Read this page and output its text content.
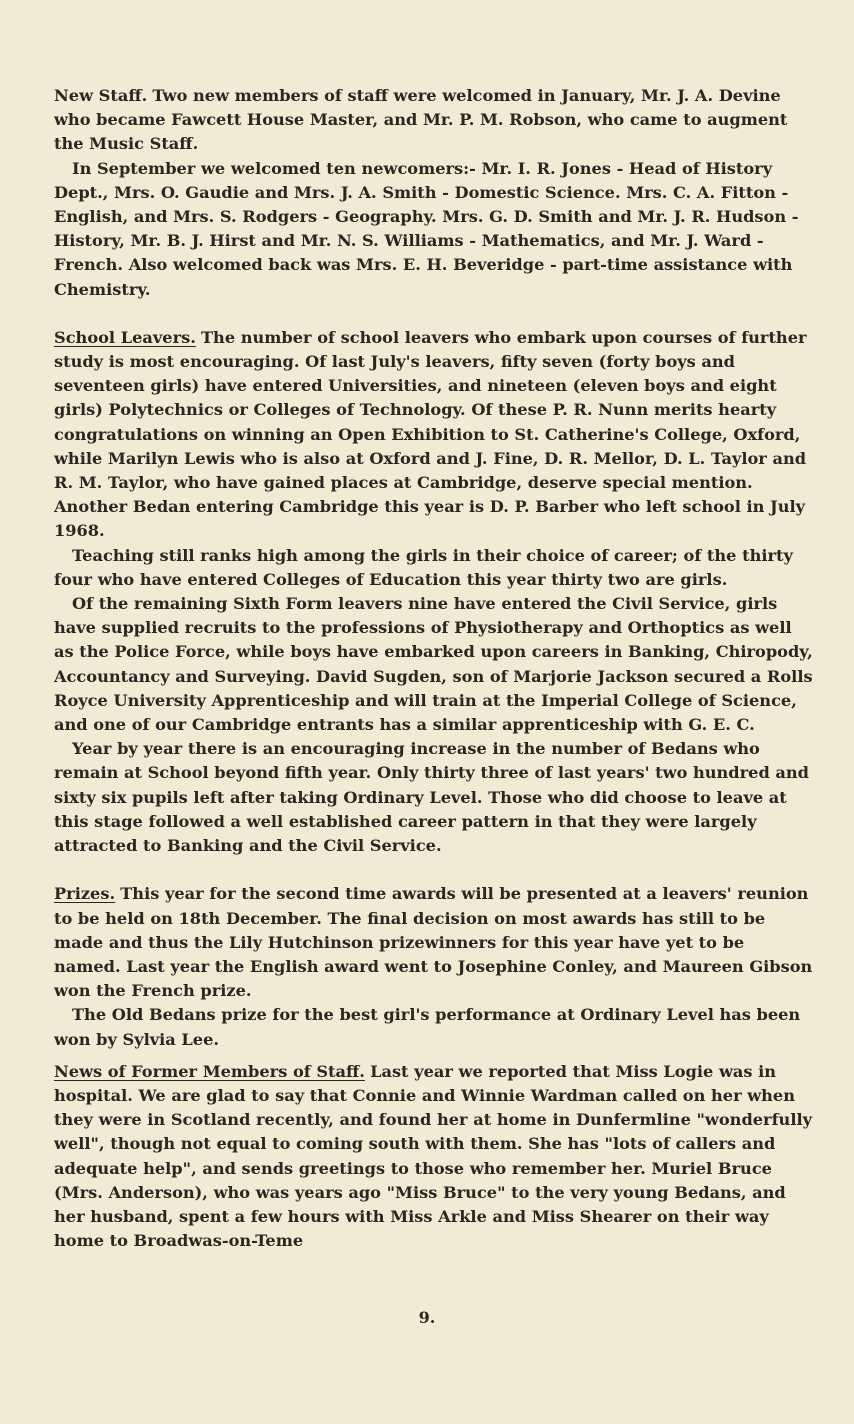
New Staff. Two new members of staff were welcomed in January, Mr. J. A. Devine who became Fawcett House Master, and Mr. P. M. Robson, who came to augment the Music Staff.

In September we welcomed ten newcomers:- Mr. I. R. Jones - Head of History Dept., Mrs. O. Gaudie and Mrs. J. A. Smith - Domestic Science. Mrs. C. A. Fitton - English, and Mrs. S. Rodgers - Geography. Mrs. G. D. Smith and Mr. J. R. Hudson - History, Mr. B. J. Hirst and Mr. N. S. Williams - Mathematics, and Mr. J. Ward - French. Also welcomed back was Mrs. E. H. Beveridge - part-time assistance with Chemistry.

School Leavers. The number of school leavers who embark upon courses of further study is most encouraging. Of last July's leavers, fifty seven (forty boys and seventeen girls) have entered Universities, and nineteen (eleven boys and eight girls) Polytechnics or Colleges of Technology. Of these P. R. Nunn merits hearty congratulations on winning an Open Exhibition to St. Catherine's College, Oxford, while Marilyn Lewis who is also at Oxford and J. Fine, D. R. Mellor, D. L. Taylor and R. M. Taylor, who have gained places at Cambridge, deserve special mention. Another Bedan entering Cambridge this year is D. P. Barber who left school in July 1968.

Teaching still ranks high among the girls in their choice of career; of the thirty four who have entered Colleges of Education this year thirty two are girls.

Of the remaining Sixth Form leavers nine have entered the Civil Service, girls have supplied recruits to the professions of Physiotherapy and Orthoptics as well as the Police Force, while boys have embarked upon careers in Banking, Chiropody, Accountancy and Surveying. David Sugden, son of Marjorie Jackson secured a Rolls Royce University Apprenticeship and will train at the Imperial College of Science, and one of our Cambridge entrants has a similar apprenticeship with G. E. C.

Year by year there is an encouraging increase in the number of Bedans who remain at School beyond fifth year. Only thirty three of last years' two hundred and sixty six pupils left after taking Ordinary Level. Those who did choose to leave at this stage followed a well established career pattern in that they were largely attracted to Banking and the Civil Service.

Prizes. This year for the second time awards will be presented at a leavers' reunion to be held on 18th December. The final decision on most awards has still to be made and thus the Lily Hutchinson prizewinners for this year have yet to be named. Last year the English award went to Josephine Conley, and Maureen Gibson won the French prize.

The Old Bedans prize for the best girl's performance at Ordinary Level has been won by Sylvia Lee.

News of Former Members of Staff. Last year we reported that Miss Logie was in hospital. We are glad to say that Connie and Winnie Wardman called on her when they were in Scotland recently, and found her at home in Dunfermline "wonderfully well", though not equal to coming south with them. She has "lots of callers and adequate help", and sends greetings to those who remember her. Muriel Bruce (Mrs. Anderson), who was years ago "Miss Bruce" to the very young Bedans, and her husband, spent a few hours with Miss Arkle and Miss Shearer on their way home to Broadwas-on-Teme

9.
